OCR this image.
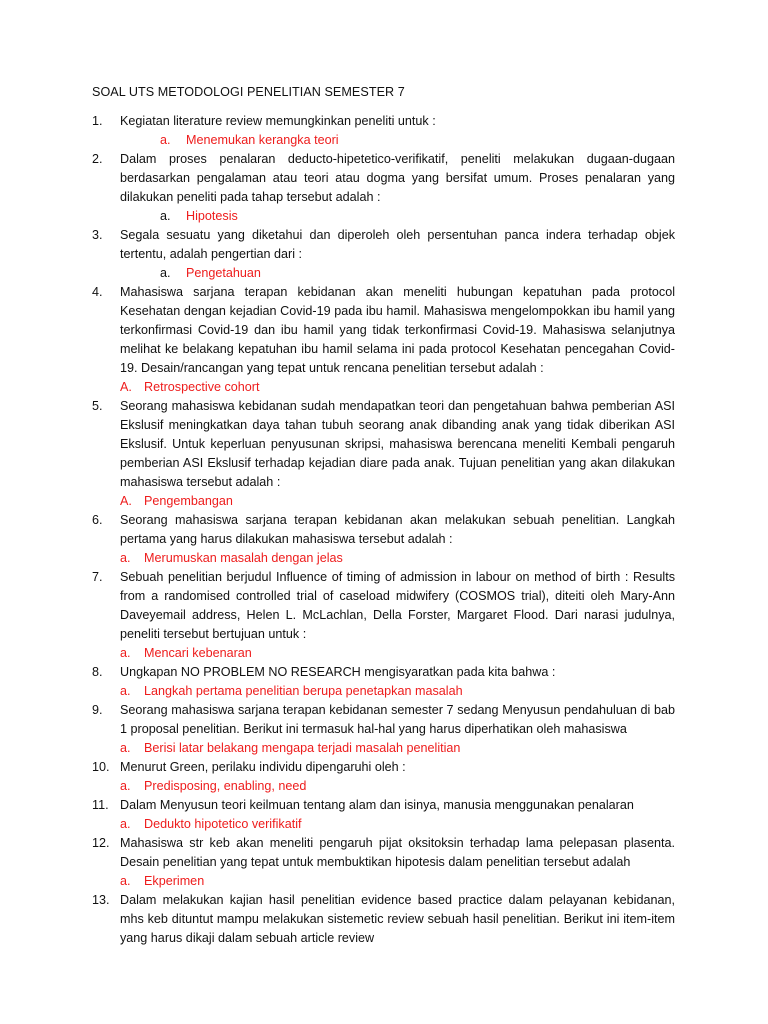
SOAL UTS METODOLOGI PENELITIAN SEMESTER 7
1. Kegiatan literature review memungkinkan peneliti untuk :
a. Menemukan kerangka teori
2. Dalam proses penalaran deducto-hipetetico-verifikatif, peneliti melakukan dugaan-dugaan berdasarkan pengalaman atau teori atau dogma yang bersifat umum. Proses penalaran yang dilakukan peneliti pada tahap tersebut adalah :
a. Hipotesis
3. Segala sesuatu yang diketahui dan diperoleh oleh persentuhan panca indera terhadap objek tertentu, adalah pengertian dari :
a. Pengetahuan
4. Mahasiswa sarjana terapan kebidanan akan meneliti hubungan kepatuhan pada protocol Kesehatan dengan kejadian Covid-19 pada ibu hamil. Mahasiswa mengelompokkan ibu hamil yang terkonfirmasi Covid-19 dan ibu hamil yang tidak terkonfirmasi Covid-19. Mahasiswa selanjutnya melihat ke belakang kepatuhan ibu hamil selama ini pada protocol Kesehatan pencegahan Covid-19. Desain/rancangan yang tepat untuk rencana penelitian tersebut adalah :
A. Retrospective cohort
5. Seorang mahasiswa kebidanan sudah mendapatkan teori dan pengetahuan bahwa pemberian ASI Ekslusif meningkatkan daya tahan tubuh seorang anak dibanding anak yang tidak diberikan ASI Ekslusif. Untuk keperluan penyusunan skripsi, mahasiswa berencana meneliti Kembali pengaruh pemberian ASI Ekslusif terhadap kejadian diare pada anak. Tujuan penelitian yang akan dilakukan mahasiswa tersebut adalah :
A. Pengembangan
6. Seorang mahasiswa sarjana terapan kebidanan akan melakukan sebuah penelitian. Langkah pertama yang harus dilakukan mahasiswa tersebut adalah :
a. Merumuskan masalah dengan jelas
7. Sebuah penelitian berjudul Influence of timing of admission in labour on method of birth : Results from a randomised controlled trial of caseload midwifery (COSMOS trial), diteiti oleh Mary-Ann Daveyemail address, Helen L. McLachlan, Della Forster, Margaret Flood. Dari narasi judulnya, peneliti tersebut bertujuan untuk :
a. Mencari kebenaran
8. Ungkapan NO PROBLEM NO RESEARCH mengisyaratkan pada kita bahwa :
a. Langkah pertama penelitian berupa penetapkan masalah
9. Seorang mahasiswa sarjana terapan kebidanan semester 7 sedang Menyusun pendahuluan di bab 1 proposal penelitian. Berikut ini termasuk hal-hal yang harus diperhatikan oleh mahasiswa
a. Berisi latar belakang mengapa terjadi masalah penelitian
10. Menurut Green, perilaku individu dipengaruhi oleh :
a. Predisposing, enabling, need
11. Dalam Menyusun teori keilmuan tentang alam dan isinya, manusia menggunakan penalaran
a. Dedukto hipotetico verifikatif
12. Mahasiswa str keb akan meneliti pengaruh pijat oksitoksin terhadap lama pelepasan plasenta. Desain penelitian yang tepat untuk membuktikan hipotesis dalam penelitian tersebut adalah
a. Ekperimen
13. Dalam melakukan kajian hasil penelitian evidence based practice dalam pelayanan kebidanan, mhs keb dituntut mampu melakukan sistemetic review sebuah hasil penelitian. Berikut ini item-item yang harus dikaji dalam sebuah article review
